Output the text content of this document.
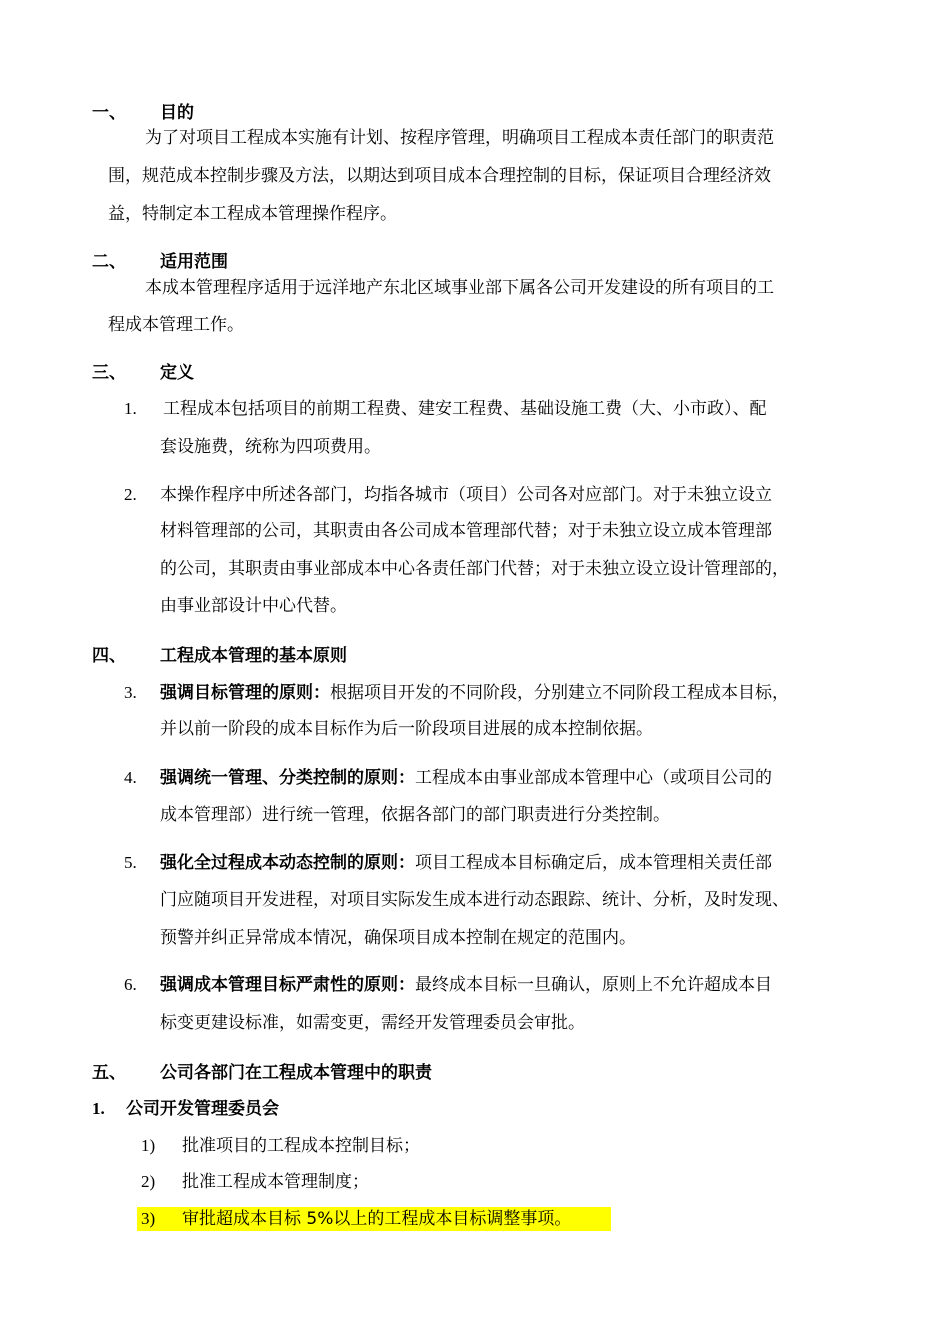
一、 目的
为了对项目工程成本实施有计划、按程序管理，明确项目工程成本责任部门的职责范
围，规范成本控制步骤及方法，以期达到项目成本合理控制的目标，保证项目合理经济效
益，特制定本工程成本管理操作程序。
二、 适用范围
本成本管理程序适用于远洋地产东北区域事业部下属各公司开发建设的所有项目的工
程成本管理工作。
三、 定义
1. 工程成本包括项目的前期工程费、建安工程费、基础设施工费（大、小市政）、配
套设施费，统称为四项费用。
2. 本操作程序中所述各部门，均指各城市（项目）公司各对应部门。对于未独立设立
材料管理部的公司，其职责由各公司成本管理部代替；对于未独立设立成本管理部
的公司，其职责由事业部成本中心各责任部门代替；对于未独立设立设计管理部的，
由事业部设计中心代替。
四、 工程成本管理的基本原则
3. 强调目标管理的原则：根据项目开发的不同阶段，分别建立不同阶段工程成本目标，
并以前一阶段的成本目标作为后一阶段项目进展的成本控制依据。
4. 强调统一管理、分类控制的原则：工程成本由事业部成本管理中心（或项目公司的
成本管理部）进行统一管理，依据各部门的部门职责进行分类控制。
5. 强化全过程成本动态控制的原则：项目工程成本目标确定后，成本管理相关责任部
门应随项目开发进程，对项目实际发生成本进行动态跟踪、统计、分析，及时发现、
预警并纠正异常成本情况，确保项目成本控制在规定的范围内。
6. 强调成本管理目标严肃性的原则：最终成本目标一旦确认，原则上不允许超成本目
标变更建设标准，如需变更，需经开发管理委员会审批。
五、 公司各部门在工程成本管理中的职责
1. 公司开发管理委员会
1) 批准项目的工程成本控制目标；
2) 批准工程成本管理制度；
3) 审批超成本目标 5%以上的工程成本目标调整事项。
